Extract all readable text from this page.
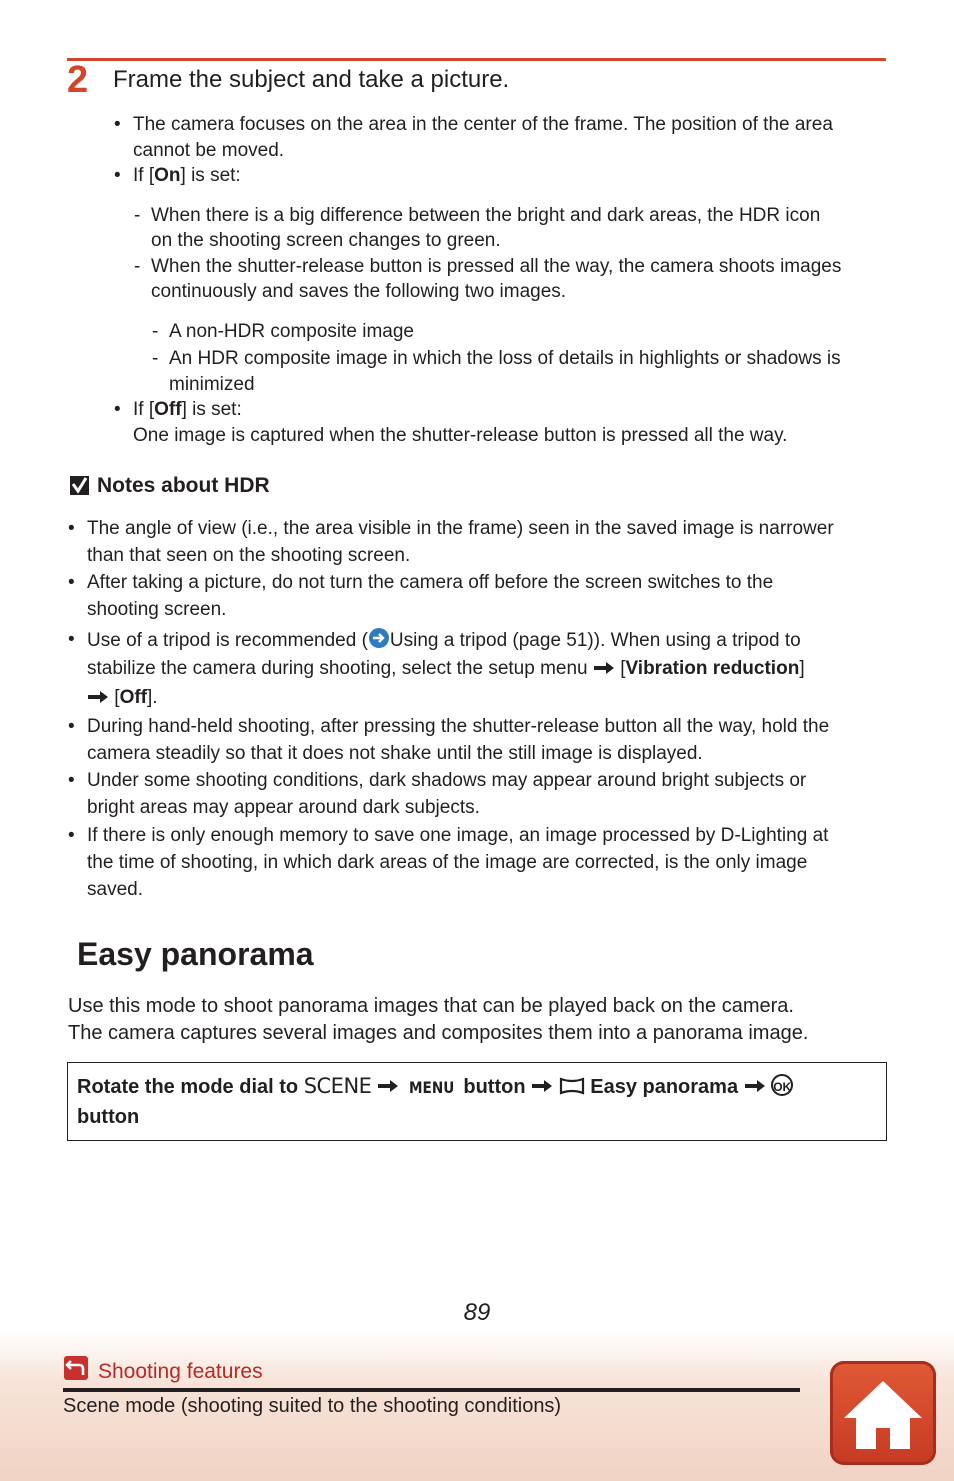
2 Frame the subject and take a picture.
• The camera focuses on the area in the center of the frame. The position of the area
cannot be moved.
• If [On] is set:
- When there is a big difference between the bright and dark areas, the HDR icon
on the shooting screen changes to green.
- When the shutter-release button is pressed all the way, the camera shoots images
continuously and saves the following two images.
- A non-HDR composite image
- An HDR composite image in which the loss of details in highlights or shadows is
minimized
• If [Off] is set:
One image is captured when the shutter-release button is pressed all the way.
Notes about HDR
• The angle of view (i.e., the area visible in the frame) seen in the saved image is narrower
than that seen on the shooting screen.
• After taking a picture, do not turn the camera off before the screen switches to the
shooting screen.
• Use of a tripod is recommended ( Using a tripod (page 51)). When using a tripod to
stabilize the camera during shooting, select the setup menu [Vibration reduction]
[Off].
• During hand-held shooting, after pressing the shutter-release button all the way, hold the
camera steadily so that it does not shake until the still image is displayed.
• Under some shooting conditions, dark shadows may appear around bright subjects or
bright areas may appear around dark subjects.
• If there is only enough memory to save one image, an image processed by D-Lighting at
the time of shooting, in which dark areas of the image are corrected, is the only image
saved.
Easy panorama
Use this mode to shoot panorama images that can be played back on the camera.
The camera captures several images and composites them into a panorama image.
Rotate the mode dial to SCENE MENU button	Easy panorama	OK
button
89
Shooting features
Scene mode (shooting suited to the shooting conditions)
